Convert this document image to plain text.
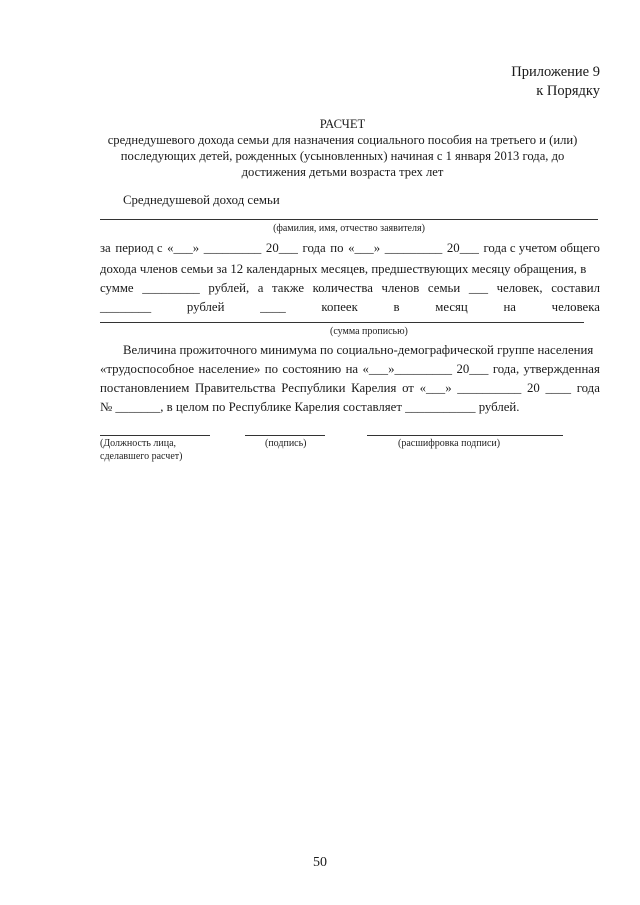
Приложение 9
к Порядку
РАСЧЕТ
среднедушевого дохода семьи для назначения социального пособия на третьего и (или)
последующих детей, рожденных (усыновленных) начиная с 1 января 2013 года, до
достижения детьми возраста трех лет
Среднедушевой доход семьи
(фамилия, имя, отчество заявителя)
за период с «___» _________ 20___ года по «___» _________ 20___ года с учетом общего
дохода членов семьи за 12 календарных месяцев, предшествующих месяцу обращения, в
сумме _________ рублей, а также количества членов семьи ___ человек, составил
________	рублей	____	копеек	в	месяц	на	человека
(сумма прописью)
Величина прожиточного минимума по социально-демографической группе населения
«трудоспособное население» по состоянию на «___»_________ 20___ года, утвержденная
постановлением Правительства Республики Карелия от «___» __________ 20 ____ года
№ _______, в целом по Республике Карелия составляет ___________ рублей.
(Должность лица,
сделавшего расчет)
(подпись)	(расшифровка подписи)
50
